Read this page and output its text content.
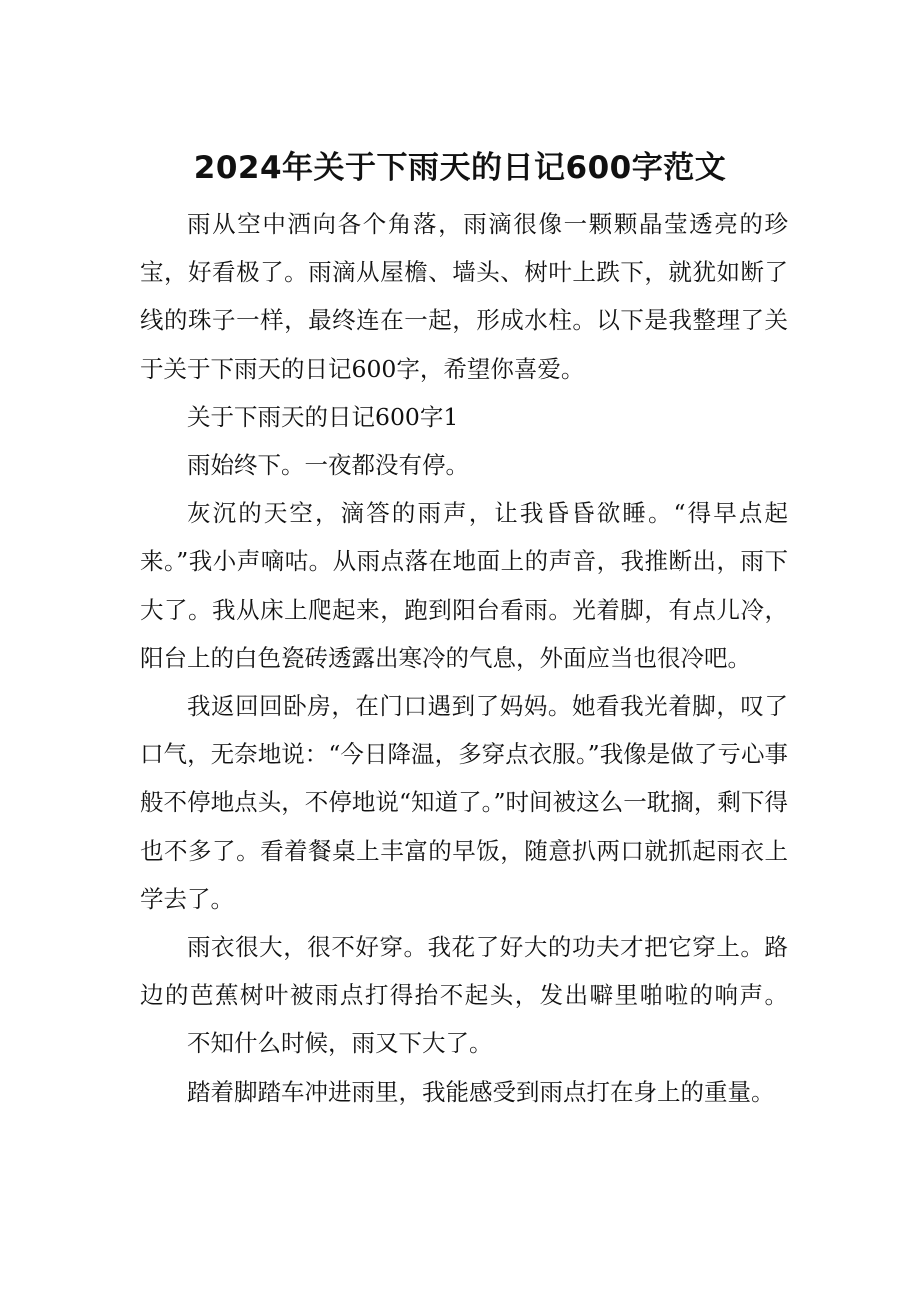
2024年关于下雨天的日记600字范文

雨从空中洒向各个角落，雨滴很像一颗颗晶莹透亮的珍宝，好看极了。雨滴从屋檐、墙头、树叶上跌下，就犹如断了线的珠子一样，最终连在一起，形成水柱。以下是我整理了关于关于下雨天的日记600字，希望你喜爱。

关于下雨天的日记600字1

雨始终下。一夜都没有停。

灰沉的天空，滴答的雨声，让我昏昏欲睡。“得早点起来。”我小声嘀咕。从雨点落在地面上的声音，我推断出，雨下大了。我从床上爬起来，跑到阳台看雨。光着脚，有点儿冷，阳台上的白色瓷砖透露出寒冷的气息，外面应当也很冷吧。

我返回回卧房，在门口遇到了妈妈。她看我光着脚，叹了口气，无奈地说：“今日降温，多穿点衣服。”我像是做了亏心事般不停地点头，不停地说“知道了。”时间被这么一耽搁，剩下得也不多了。看着餐桌上丰富的早饭，随意扒两口就抓起雨衣上学去了。

雨衣很大，很不好穿。我花了好大的功夫才把它穿上。路边的芭蕉树叶被雨点打得抬不起头，发出噼里啪啦的响声。

不知什么时候，雨又下大了。

踏着脚踏车冲进雨里，我能感受到雨点打在身上的重量。
